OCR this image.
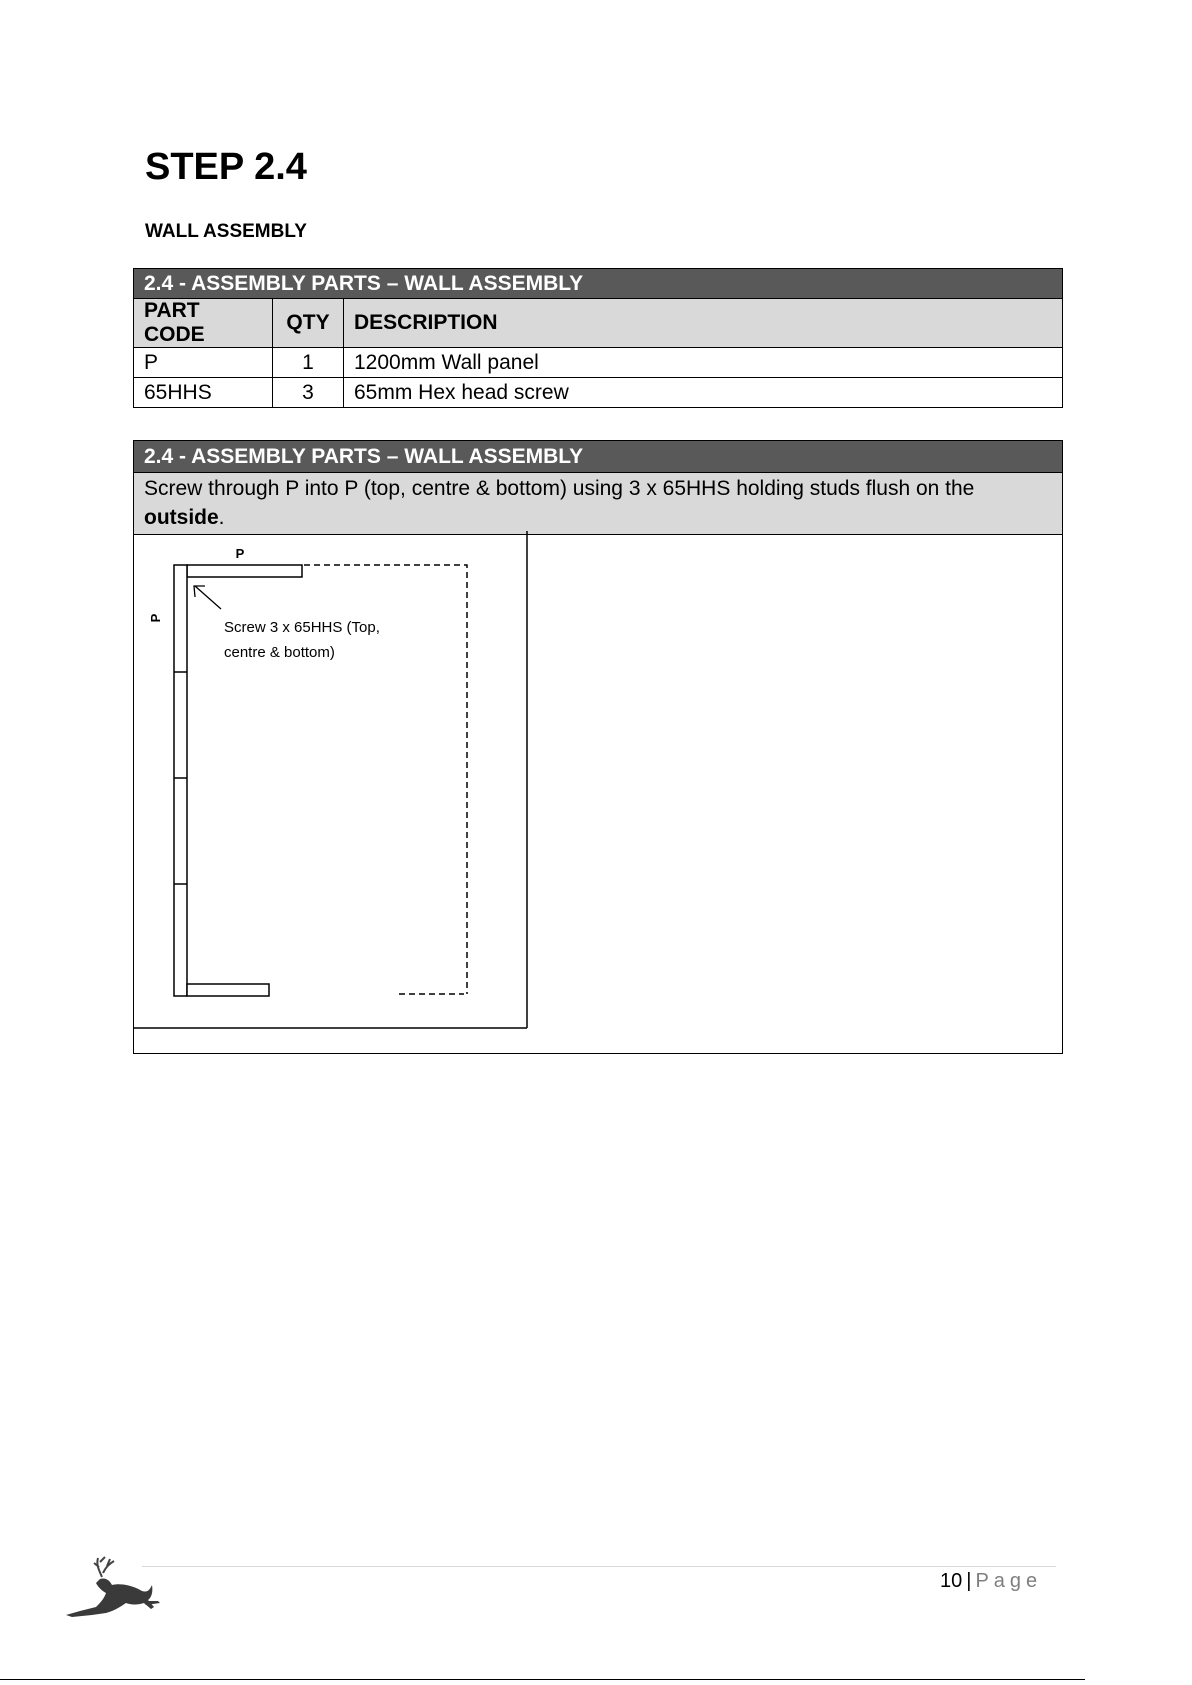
STEP 2.4
WALL ASSEMBLY
2.4 - ASSEMBLY PARTS – WALL ASSEMBLY		
PART CODE	QTY	DESCRIPTION
P	1	1200mm Wall panel
65HHS	3	65mm Hex head screw
2.4 - ASSEMBLY PARTS – WALL ASSEMBLY
Screw through P into P (top, centre & bottom) using 3 x 65HHS holding studs flush on the outside.
P
P
Screw 3 x 65HHS (Top,
centre & bottom)
10 | Page
